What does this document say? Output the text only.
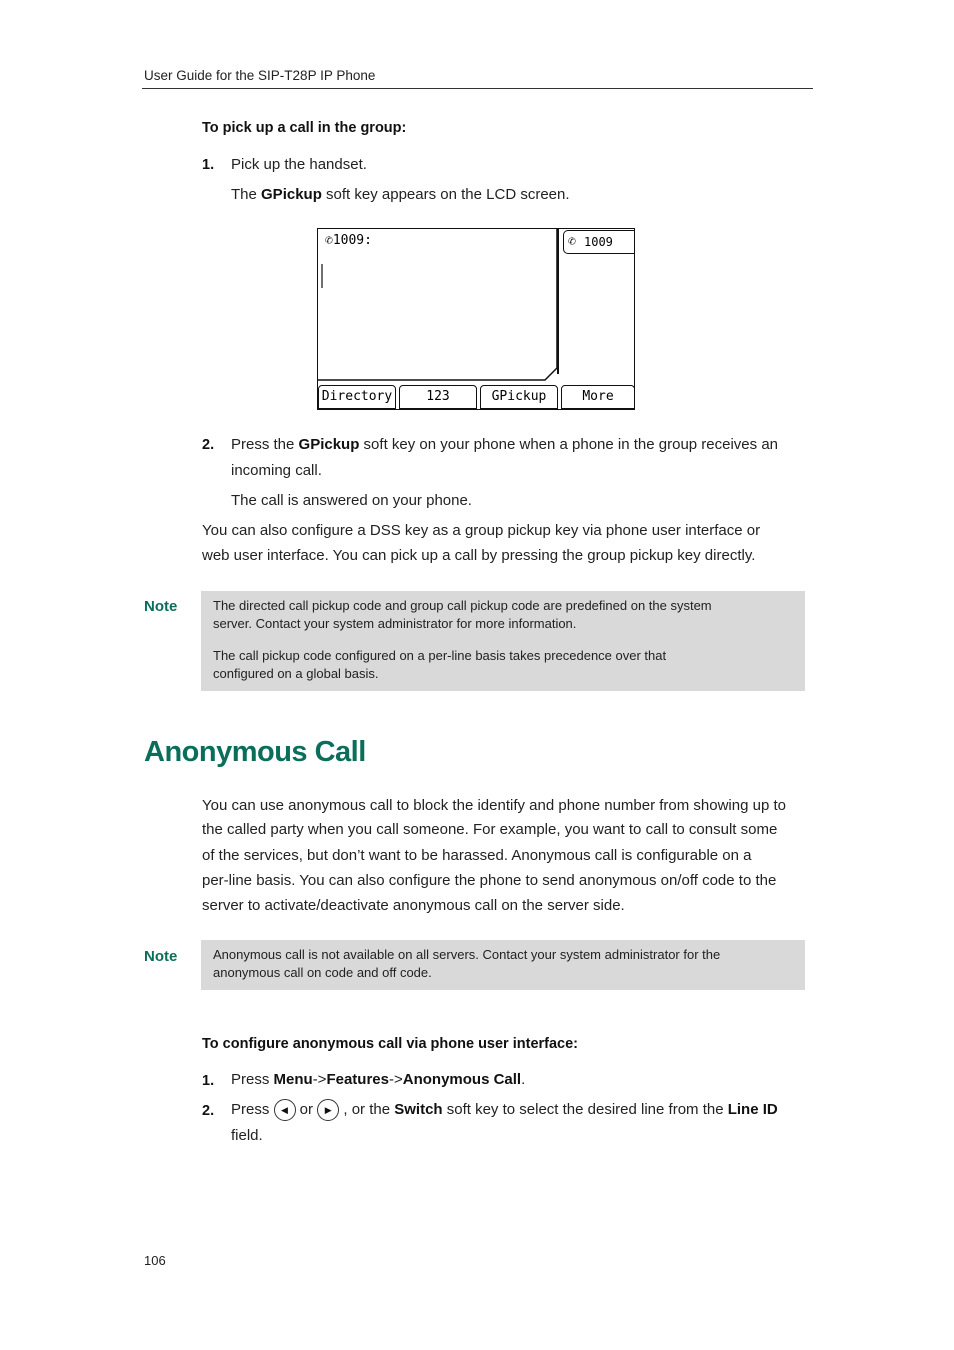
User Guide for the SIP-T28P IP Phone
To pick up a call in the group:
1. Pick up the handset.
The GPickup soft key appears on the LCD screen.
✆1009:	✆ 1009
Directory	123	GPickup	More
2. Press the GPickup soft key on your phone when a phone in the group receives an
incoming call.
The call is answered on your phone.
You can also configure a DSS key as a group pickup key via phone user interface or
web user interface. You can pick up a call by pressing the group pickup key directly.
Note	The directed call pickup code and group call pickup code are predefined on the system
server. Contact your system administrator for more information.
The call pickup code configured on a per-line basis takes precedence over that
configured on a global basis.
Anonymous Call
You can use anonymous call to block the identify and phone number from showing up to
the called party when you call someone. For example, you want to call to consult some
of the services, but don’t want to be harassed. Anonymous call is configurable on a
per-line basis. You can also configure the phone to send anonymous on/off code to the
server to activate/deactivate anonymous call on the server side.
Note	Anonymous call is not available on all servers. Contact your system administrator for the
anonymous call on code and off code.
To configure anonymous call via phone user interface:
1. Press Menu->Features->Anonymous Call.
2. Press ◀ or ▶ , or the Switch soft key to select the desired line from the Line ID
field.
106
